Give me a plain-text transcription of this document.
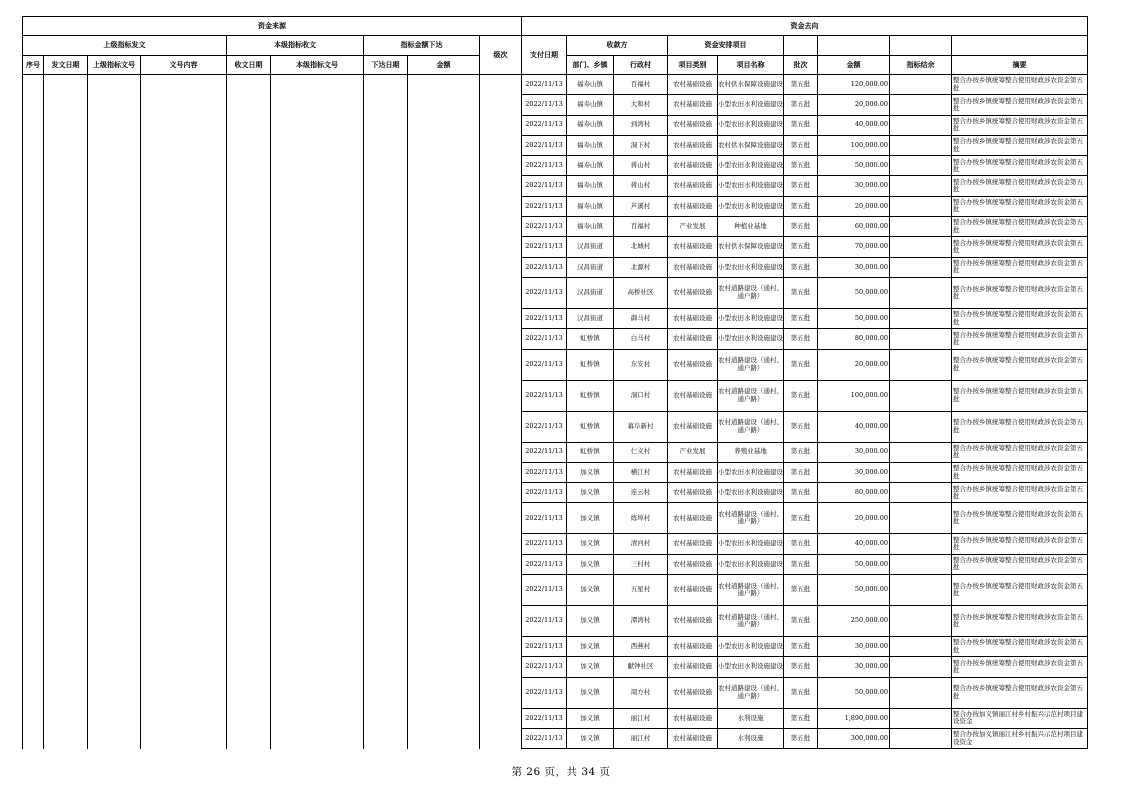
资金来源									资金去向								
上级指标发文				本级指标收文		指标金额下达		级次	支付日期	收款方		资金安排项目					
序号	发文日期	上级指标文号	文号内容	收文日期	本级指标文号	下达日期	金额			部门、乡镇	行政村	项目类别	项目名称	批次	金额	指标结余	摘要
									2022/11/13	福寿山镇	百福村	农村基础设施	农村供水保障设施建设	第五批	120,000.00		整合办按乡镇统筹整合使用财政涉农资金第五批
									2022/11/13	福寿山镇	大和村	农村基础设施	小型农田水利设施建设	第五批	20,000.00		整合办按乡镇统筹整合使用财政涉农资金第五批
									2022/11/13	福寿山镇	到湾村	农村基础设施	小型农田水利设施建设	第五批	40,000.00		整合办按乡镇统筹整合使用财政涉农资金第五批
									2022/11/13	福寿山镇	洞下村	农村基础设施	农村供水保障设施建设	第五批	100,000.00		整合办按乡镇统筹整合使用财政涉农资金第五批
									2022/11/13	福寿山镇	蒋山村	农村基础设施	小型农田水利设施建设	第五批	50,000.00		整合办按乡镇统筹整合使用财政涉农资金第五批
									2022/11/13	福寿山镇	蒋山村	农村基础设施	小型农田水利设施建设	第五批	30,000.00		整合办按乡镇统筹整合使用财政涉农资金第五批
									2022/11/13	福寿山镇	芦溪村	农村基础设施	小型农田水利设施建设	第五批	20,000.00		整合办按乡镇统筹整合使用财政涉农资金第五批
									2022/11/13	福寿山镇	百福村	产业发展	种植业基地	第五批	60,000.00		整合办按乡镇统筹整合使用财政涉农资金第五批
									2022/11/13	汉昌街道	北城村	农村基础设施	农村供水保障设施建设	第五批	70,000.00		整合办按乡镇统筹整合使用财政涉农资金第五批
									2022/11/13	汉昌街道	北源村	农村基础设施	小型农田水利设施建设	第五批	30,000.00		整合办按乡镇统筹整合使用财政涉农资金第五批
									2022/11/13	汉昌街道	高桥社区	农村基础设施	农村道路建设（通村、通户路）	第五批	50,000.00		整合办按乡镇统筹整合使用财政涉农资金第五批
									2022/11/13	汉昌街道	御马村	农村基础设施	小型农田水利设施建设	第五批	50,000.00		整合办按乡镇统筹整合使用财政涉农资金第五批
									2022/11/13	虹桥镇	白马村	农村基础设施	小型农田水利设施建设	第五批	80,000.00		整合办按乡镇统筹整合使用财政涉农资金第五批
									2022/11/13	虹桥镇	东安村	农村基础设施	农村道路建设（通村、通户路）	第五批	20,000.00		整合办按乡镇统筹整合使用财政涉农资金第五批
									2022/11/13	虹桥镇	洞口村	农村基础设施	农村道路建设（通村、通户路）	第五批	100,000.00		整合办按乡镇统筹整合使用财政涉农资金第五批
									2022/11/13	虹桥镇	幕阜新村	农村基础设施	农村道路建设（通村、通户路）	第五批	40,000.00		整合办按乡镇统筹整合使用财政涉农资金第五批
									2022/11/13	虹桥镇	仁义村	产业发展	养殖业基地	第五批	30,000.00		整合办按乡镇统筹整合使用财政涉农资金第五批
									2022/11/13	加义镇	横江村	农村基础设施	小型农田水利设施建设	第五批	30,000.00		整合办按乡镇统筹整合使用财政涉农资金第五批
									2022/11/13	加义镇	连云村	农村基础设施	小型农田水利设施建设	第五批	80,000.00		整合办按乡镇统筹整合使用财政涉农资金第五批
									2022/11/13	加义镇	练埠村	农村基础设施	农村道路建设（通村、通户路）	第五批	20,000.00		整合办按乡镇统筹整合使用财政涉农资金第五批
									2022/11/13	加义镇	清河村	农村基础设施	小型农田水利设施建设	第五批	40,000.00		整合办按乡镇统筹整合使用财政涉农资金第五批
									2022/11/13	加义镇	三村村	农村基础设施	小型农田水利设施建设	第五批	50,000.00		整合办按乡镇统筹整合使用财政涉农资金第五批
									2022/11/13	加义镇	五星村	农村基础设施	农村道路建设（通村、通户路）	第五批	50,000.00		整合办按乡镇统筹整合使用财政涉农资金第五批
									2022/11/13	加义镇	潭湾村	农村基础设施	农村道路建设（通村、通户路）	第五批	250,000.00		整合办按乡镇统筹整合使用财政涉农资金第五批
									2022/11/13	加义镇	西燕村	农村基础设施	小型农田水利设施建设	第五批	30,000.00		整合办按乡镇统筹整合使用财政涉农资金第五批
									2022/11/13	加义镇	献钟社区	农村基础设施	小型农田水利设施建设	第五批	30,000.00		整合办按乡镇统筹整合使用财政涉农资金第五批
									2022/11/13	加义镇	周方村	农村基础设施	农村道路建设（通村、通户路）	第五批	50,000.00		整合办按乡镇统筹整合使用财政涉农资金第五批
									2022/11/13	加义镇	丽江村	农村基础设施	水利设施	第五批	1,890,000.00		整合办按加义镇丽江村乡村振兴示范村项目建设资金
									2022/11/13	加义镇	丽江村	农村基础设施	水利设施	第五批	300,000.00		整合办按加义镇丽江村乡村振兴示范村项目建设资金
第 26 页，共 34 页
